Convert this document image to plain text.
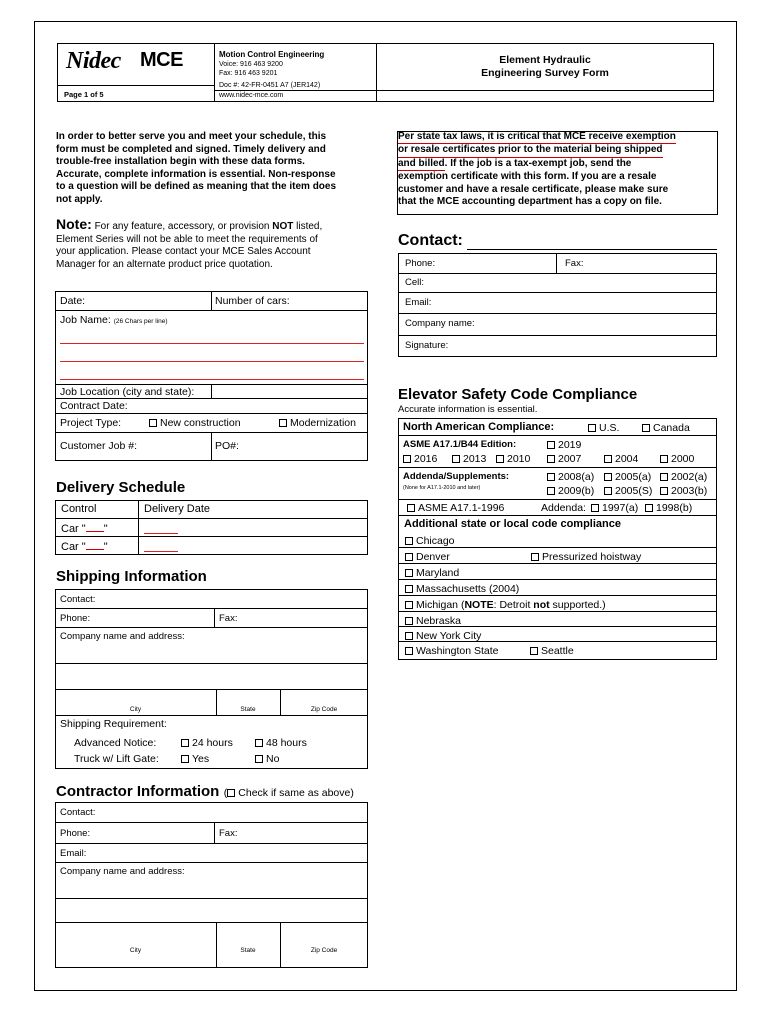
Nidec MCE	Motion Control Engineering
Voice: 916 463 9200
Fax: 916 463 9201
Doc #: 42-FR-0451 A7 (JER142)
www.nidec-mce.com
Page 1 of 5
Element Hydraulic
Engineering Survey Form
In order to better serve you and meet your schedule, this
form must be completed and signed. Timely delivery and
trouble-free installation begin with these data forms.
Accurate, complete information is essential. Non-response
to a question will be defined as meaning that the item does
not apply.
Note: For any feature, accessory, or provision NOT listed,
Element Series will not be able to meet the requirements of
your application. Please contact your MCE Sales Account
Manager for an alternate product price quotation.
Per state tax laws, it is critical that MCE receive exemption
or resale certificates prior to the material being shipped
and billed. If the job is a tax-exempt job, send the
exemption certificate with this form. If you are a resale
customer and have a resale certificate, please make sure
that the MCE accounting department has a copy on file.
Date:	Number of cars:
Job Name: (26 Chars per line)
Job Location (city and state):
Contract Date:
Project Type:	New construction	Modernization
Customer Job #:	PO#:
Delivery Schedule
Control	Delivery Date
Car " "
Car " "
Shipping Information
Contact:
Phone:	Fax:
Company name and address:
City	State	Zip Code
Shipping Requirement:
Advanced Notice:	24 hours	48 hours
Truck w/ Lift Gate:	Yes	No
Contractor Information ( Check if same as above)
Contact:
Phone:	Fax:
Email:
Company name and address:
City	State	Zip Code
Contact:
Phone:	Fax:
Cell:
Email:
Company name:
Signature:
Elevator Safety Code Compliance
Accurate information is essential.
North American Compliance:	U.S.	Canada
ASME A17.1/B44 Edition:	2019
2016	2013	2010	2007	2004	2000
Addenda/Supplements:
(None for A17.1-2010 and later)
2008(a)	2005(a)	2002(a)
2009(b)	2005(S)	2003(b)
ASME A17.1-1996	Addenda:	1997(a)	1998(b)
Additional state or local code compliance
Chicago
Denver	Pressurized hoistway
Maryland
Massachusetts (2004)
Michigan (NOTE: Detroit not supported.)
Nebraska
New York City
Washington State	Seattle
